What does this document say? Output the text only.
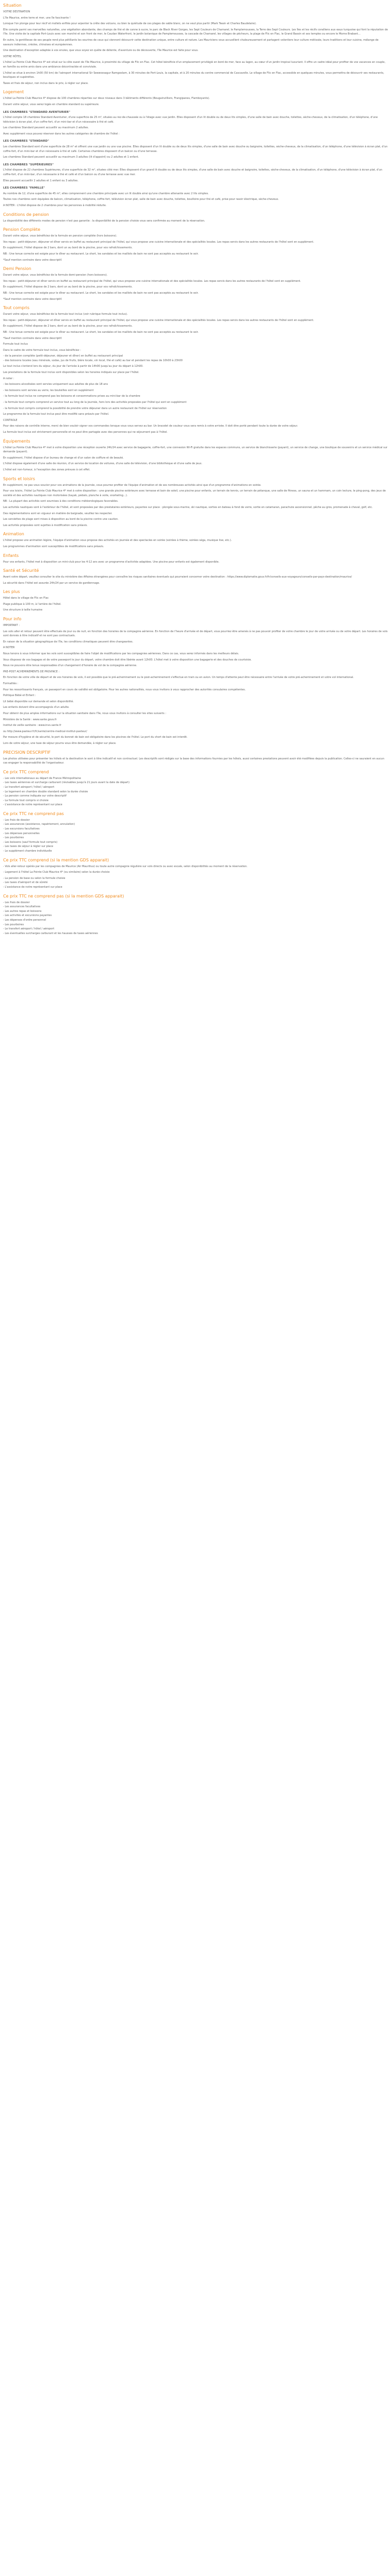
Situation

VOTRE DESTINATION

L'île Maurice, entre terre et mer, une île fascinante !

Lorsque l'on plonge pour leur récif et mollets enfilés pour arpenter la crête des volcans, ou bien la quiétude de ces plages de sable blanc, on ne veut plus partir (Mark Twain et Charles Baudelaire).

Elle compte parmi ses merveilles naturelles, une végétation abondante, des champs de thé et de canne à sucre, le parc de Black River Gorges, les Sept Couleurs de Chamarel, le Pamplemousses, la Terre des Sept Couleurs. Les îles et les récifs coralliens aux eaux turquoise qui font la réputation de l'île. Une visite de la capitale Port-Louis avec son marché et son front de mer, le Caudan Waterfront, le jardin botanique de Pamplemousses, la cascade de Chamarel, les villages de pêcheurs, la plage de Flic en Flac, le Grand Bassin et ses temples ou encore le Morne Brabant…

En outre, la gentillesse de ses peuple rend plus pétillants les sourires de ceux qui viennent découvrir cette destination unique, entre culture et nature. Les Mauriciens vous accueillent chaleureusement et partagent volontiers leur culture métissée, leurs traditions et leur cuisine, mélange de saveurs indiennes, créoles, chinoises et européennes.

Une destination d'exception adaptée à vos envies, que vous soyez en quête de détente, d'aventure ou de découverte, l'île Maurice est faite pour vous.

VOTRE HÔTEL

L'hôtel La Pointe Club Maurice 4* est situé sur la côte ouest de l'île Maurice, à proximité du village de Flic en Flac. Cet hôtel bénéficie d'un emplacement privilégié en bord de mer, face au lagon, au cœur d'un jardin tropical luxuriant. Il offre un cadre idéal pour profiter de vos vacances en couple, en famille ou entre amis dans une ambiance décontractée et conviviale.

L'hôtel se situe à environ 1h00 (50 km) de l'aéroport international Sir Seewoosagur Ramgoolam, à 30 minutes de Port-Louis, la capitale, et à 20 minutes du centre commercial de Cascavelle. Le village de Flic en Flac, accessible en quelques minutes, vous permettra de découvrir ses restaurants, boutiques et supérettes.

Taxes et frais de séjour, non inclus dans le prix, à régler sur place.

Logement

L'hôtel La Pointe Club Maurice 4* dispose de 100 chambres réparties sur deux niveaux dans 3 bâtiments différents (Bougainvilliers, Frangipanes, Flamboyants).

Durant votre séjour, vous serez logés en chambre standard ou supérieure.

LES CHAMBRES "STANDARD AVENTURIER"

L'hôtel compte 18 chambres Standard Aventurier, d'une superficie de 25 m², situées au rez-de-chaussée ou à l'étage avec vue jardin. Elles disposent d'un lit double ou de deux lits simples, d'une salle de bain avec douche, toilettes, sèche-cheveux, de la climatisation, d'un téléphone, d'une télévision à écran plat, d'un coffre-fort, d'un mini-bar et d'un nécessaire à thé et café.

Les chambres Standard peuvent accueillir au maximum 2 adultes.

Avec supplément vous pouvez réserver dans les autres catégories de chambre de l'hôtel :

LES CHAMBRES "STANDARD"

Les chambres Standard sont d'une superficie de 28 m² et offrent une vue jardin ou une vue piscine. Elles disposent d'un lit double ou de deux lits simples, d'une salle de bain avec douche ou baignoire, toilettes, sèche-cheveux, de la climatisation, d'un téléphone, d'une télévision à écran plat, d'un coffre-fort, d'un mini-bar et d'un nécessaire à thé et café. Certaines chambres disposent d'un balcon ou d'une terrasse.

Les chambres Standard peuvent accueillir au maximum 3 adultes (lit d'appoint) ou 2 adultes et 1 enfant.

LES CHAMBRES "SUPÉRIEURES"

L'hôtel dispose de 22 chambres Supérieures, d'une superficie de 32 m², situées côté mer. Elles disposent d'un grand lit double ou de deux lits simples, d'une salle de bain avec douche et baignoire, toilettes, sèche-cheveux, de la climatisation, d'un téléphone, d'une télévision à écran plat, d'un coffre-fort, d'un mini-bar, d'un nécessaire à thé et café et d'un balcon ou d'une terrasse avec vue mer.

Elles peuvent accueillir 2 adultes et 1 enfant ou 3 adultes.

LES CHAMBRES "FAMILLE"

Au nombre de 12, d'une superficie de 45 m², elles comprennent une chambre principale avec un lit double ainsi qu'une chambre attenante avec 2 lits simples.

Toutes nos chambres sont équipées de balcon, climatisation, téléphone, coffre-fort, télévision écran plat, salle de bain avec douche, toilettes, bouilloire pour thé et café, prise pour rasoir électrique, sèche-cheveux.

A NOTER : L'hôtel dispose de 2 chambres pour les personnes à mobilité réduite.

Conditions de pension

La disponibilité des différents modes de pension n'est pas garantie : la disponibilité de la pension choisie vous sera confirmée au moment de la réservation.

Pension Complète

Durant votre séjour, vous bénéficiez de la formule en pension complète (hors boissons).

Vos repas : petit-déjeuner, déjeuner et dîner servis en buffet au restaurant principal de l'hôtel, qui vous propose une cuisine internationale et des spécialités locales. Les repas servis dans les autres restaurants de l'hôtel sont en supplément.

En supplément, l'hôtel dispose de 2 bars, dont un au bord de la piscine, pour vos rafraîchissements.

NB : Une tenue correcte est exigée pour le dîner au restaurant. Le short, les sandales et les maillots de bain ne sont pas acceptés au restaurant le soir.

*Sauf mention contraire dans votre descriptif.

Demi Pension

Durant votre séjour, vous bénéficiez de la formule demi-pension (hors boissons).

Vos repas : petit-déjeuner et dîner servis en buffet au restaurant principal de l'hôtel, qui vous propose une cuisine internationale et des spécialités locales. Les repas servis dans les autres restaurants de l'hôtel sont en supplément.

En supplément, l'hôtel dispose de 2 bars, dont un au bord de la piscine, pour vos rafraîchissements.

NB : Une tenue correcte est exigée pour le dîner au restaurant. Le short, les sandales et les maillots de bain ne sont pas acceptés au restaurant le soir.

*Sauf mention contraire dans votre descriptif.

Tout compris

Durant votre séjour, vous bénéficiez de la formule tout inclus (voir rubrique formule tout inclus).

Vos repas : petit-déjeuner, déjeuner et dîner servis en buffet au restaurant principal de l'hôtel, qui vous propose une cuisine internationale et des spécialités locales. Les repas servis dans les autres restaurants de l'hôtel sont en supplément.

En supplément, l'hôtel dispose de 2 bars, dont un au bord de la piscine, pour vos rafraîchissements.

NB : Une tenue correcte est exigée pour le dîner au restaurant. Le short, les sandales et les maillots de bain ne sont pas acceptés au restaurant le soir.

*Sauf mention contraire dans votre descriptif.

Formule tout inclus

Dans le cadre de votre formule tout inclus, vous bénéficiez :

- de la pension complète (petit-déjeuner, déjeuner et dîner) en buffet au restaurant principal
- des boissons locales (eau minérale, sodas, jus de fruits, bière locale, vin local, thé et café) au bar et pendant les repas de 10h00 à 23h00

Le tout inclus s'entend lors du séjour, du jour de l'arrivée à partir de 14h00 jusqu'au jour du départ à 12h00.

Les prestations de la formule tout inclus sont disponibles selon les horaires indiqués sur place par l'hôtel.

A noter :

- les boissons alcoolisées sont servies uniquement aux adultes de plus de 18 ans

- les boissons sont servies au verre, les bouteilles sont en supplément

- la formule tout inclus ne comprend pas les boissons et consommations prises au mini-bar de la chambre

- la formule tout compris comprend un service tout au long de la journée, hors lors des activités proposées par l'hôtel qui sont en supplément

- la formule tout compris comprend la possibilité de prendre votre déjeuner dans un autre restaurant de l'hôtel sur réservation

Le programme de la formule tout inclus peut être modifié sans préavis par l'hôtel.

CONTROLE

Pour des raisons de contrôle interne, merci de bien vouloir signer vos commandes lorsque vous vous servez au bar. Un bracelet de couleur vous sera remis à votre arrivée. Il doit être porté pendant toute la durée de votre séjour.

La formule tout inclus est strictement personnelle et ne peut être partagée avec des personnes qui ne séjournent pas à l'hôtel.

Équipements

L'hôtel La Pointe Club Maurice 4* met à votre disposition une réception ouverte 24h/24 avec service de bagagerie, coffre-fort, une connexion Wi-Fi gratuite dans les espaces communs, un service de blanchisserie (payant), un service de change, une boutique de souvenirs et un service médical sur demande (payant).

En supplément, l'hôtel dispose d'un bureau de change et d'un salon de coiffure et de beauté.

L'hôtel dispose également d'une salle de réunion, d'un service de location de voitures, d'une salle de télévision, d'une bibliothèque et d'une salle de jeux.

L'hôtel est non-fumeur, à l'exception des zones prévues à cet effet.

Sports et loisirs

En supplément, ne pas vous soucier pour vos animations de la journée, vous pourrez profiter de l'équipe d'animation et de ses nombreuses activités ainsi que d'un programme d'animations en soirée.

Pour vos loisirs, l'hôtel La Pointe Club Maurice 4* met à votre disposition : une grande piscine extérieure avec terrasse et bain de soleil, une piscine pour enfants, un terrain de tennis, un terrain de pétanque, une salle de fitness, un sauna et un hammam, un coin lecture, le ping-pong, des jeux de société et des activités nautiques non motorisées (kayak, pédalo, planche à voile, snorkeling…).

NB : La plupart des activités sont soumises à des conditions météorologiques favorables.

Les activités nautiques sont à l'extérieur de l'hôtel, et sont proposées par des prestataires extérieurs, payantes sur place : plongée sous-marine, ski nautique, sorties en bateau à fond de verre, sortie en catamaran, parachute ascensionnel, pêche au gros, promenade à cheval, golf, etc.

Des réglementations sont en vigueur en matière de baignade, veuillez les respecter.

Les serviettes de plage sont mises à disposition au bord de la piscine contre une caution.

Les activités proposées sont sujettes à modification sans préavis.

Animation

L'hôtel propose une animation légère, l'équipe d'animation vous propose des activités en journée et des spectacles en soirée (soirées à thème, soirées séga, musique live, etc.).

Les programmes d'animation sont susceptibles de modifications sans préavis.

Enfants

Pour vos enfants, l'hôtel met à disposition un mini-club pour les 4-12 ans avec un programme d'activités adaptées. Une piscine pour enfants est également disponible.

Santé et Sécurité

Avant votre départ, veuillez consulter le site du ministère des Affaires étrangères pour connaître les risques sanitaires éventuels qui pourraient concerner votre destination : https://www.diplomatie.gouv.fr/fr/conseils-aux-voyageurs/conseils-par-pays-destination/maurice/

La sécurité dans l'hôtel est assurée 24h/24 par un service de gardiennage.

Les plus

Hôtel dans le village de Flic en Flac

Plage publique à 100 m, à l'arrière de l'hôtel.

Une structure à taille humaine

Pour info

IMPORTANT :

Les vols aller et retour peuvent être effectués de jour ou de nuit, en fonction des horaires de la compagnie aérienne. En fonction de l'heure d'arrivée et de départ, vous pourriez être amenés à ne pas pouvoir profiter de votre chambre le jour de votre arrivée ou de votre départ. Les horaires de vols sont donnés à titre indicatif et ne sont pas contractuels.

En raison de la situation géographique de l'île, les conditions climatiques peuvent être changeantes.

A NOTER

Nous tenons à vous informer que les vols sont susceptibles de faire l'objet de modifications par les compagnies aériennes. Dans ce cas, vous serez informés dans les meilleurs délais.

Vous disposez de vos bagages et de votre passeport le jour du départ, votre chambre doit être libérée avant 12h00. L'hôtel met à votre disposition une bagagerie et des douches de courtoisie.

Nous ne pouvons être tenus responsables d'un changement d'horaire de vol de la compagnie aérienne.

PRE-POST ACHEMINEMENTS DE PROVINCE :

En fonction de votre ville de départ et de vos horaires de vols, il est possible que le pré-acheminement ou le post-acheminement s'effectue en train ou en avion. Un temps d'attente peut être nécessaire entre l'arrivée de votre pré-acheminement et votre vol international.

Formalités :

Pour les ressortissants français, un passeport en cours de validité est obligatoire. Pour les autres nationalités, nous vous invitons à vous rapprocher des autorités consulaires compétentes.

Politique Bébé et Enfant :

Lit bébé disponible sur demande et selon disponibilité.

Les enfants doivent être accompagnés d'un adulte.

Pour obtenir de plus amples informations sur la situation sanitaire dans l'île, nous vous invitons à consulter les sites suivants :

Ministère de la Santé : www.sante.gouv.fr

Institut de veille sanitaire : www.invs.sante.fr

ou http://www.pasteur.fr/fr/sante/centre-medical-institut-pasteur/

Par mesure d'hygiène et de sécurité, le port du bonnet de bain est obligatoire dans les piscines de l'hôtel. Le port du short de bain est interdit.

Lors de votre séjour, une taxe de séjour pourra vous être demandée, à régler sur place.

PRECISION DESCRIPTIF

Les photos utilisées pour présenter les hôtels et la destination le sont à titre indicatif et non contractuel. Les descriptifs sont rédigés sur la base des informations fournies par les hôtels, aussi certaines prestations peuvent avoir été modifiées depuis la publication. Celles-ci ne sauraient en aucun cas engager la responsabilité de l'organisateur.

Ce prix TTC comprend
- Les vols internationaux au départ de France Métropolitaine
- Les taxes aériennes et surcharge carburant (révisables jusqu'à 21 jours avant la date de départ)
- Le transfert aéroport / hôtel / aéroport
- Le logement en chambre double standard selon la durée choisie
- La pension comme indiquée sur votre descriptif
- La formule tout compris si choisie
- L'assistance de notre représentant sur place
Ce prix TTC ne comprend pas
- Les frais de dossier
- Les assurances (assistance, rapatriement, annulation)
- Les excursions facultatives
- Les dépenses personnelles
- Les pourboires
- Les boissons (sauf formule tout compris)
- Les taxes de séjour à régler sur place
- Le supplément chambre individuelle
Ce prix TTC comprend (si la mention GDS apparait)

- Vols aller-retour opérés par les compagnies de Maurice (Air Mauritius) ou toute autre compagnie régulière sur vols directs ou avec escale, selon disponibilités au moment de la réservation.

- Logement à l'hôtel La Pointe Club Maurice 4* (ou similaire) selon la durée choisie

- La pension de base ou selon la formule choisie
- Les taxes d'aéroport et de sûreté
- L'assistance de notre représentant sur place
Ce prix TTC ne comprend pas (si la mention GDS apparait)
- Les frais de dossier
- Les assurances facultatives
- Les autres repas et boissons
- Les activités et excursions payantes
- Les dépenses d'ordre personnel
- Les pourboires
- Le transfert aéroport / hôtel / aéroport
- Les éventuelles surcharges carburant et les hausses de taxes aériennes
